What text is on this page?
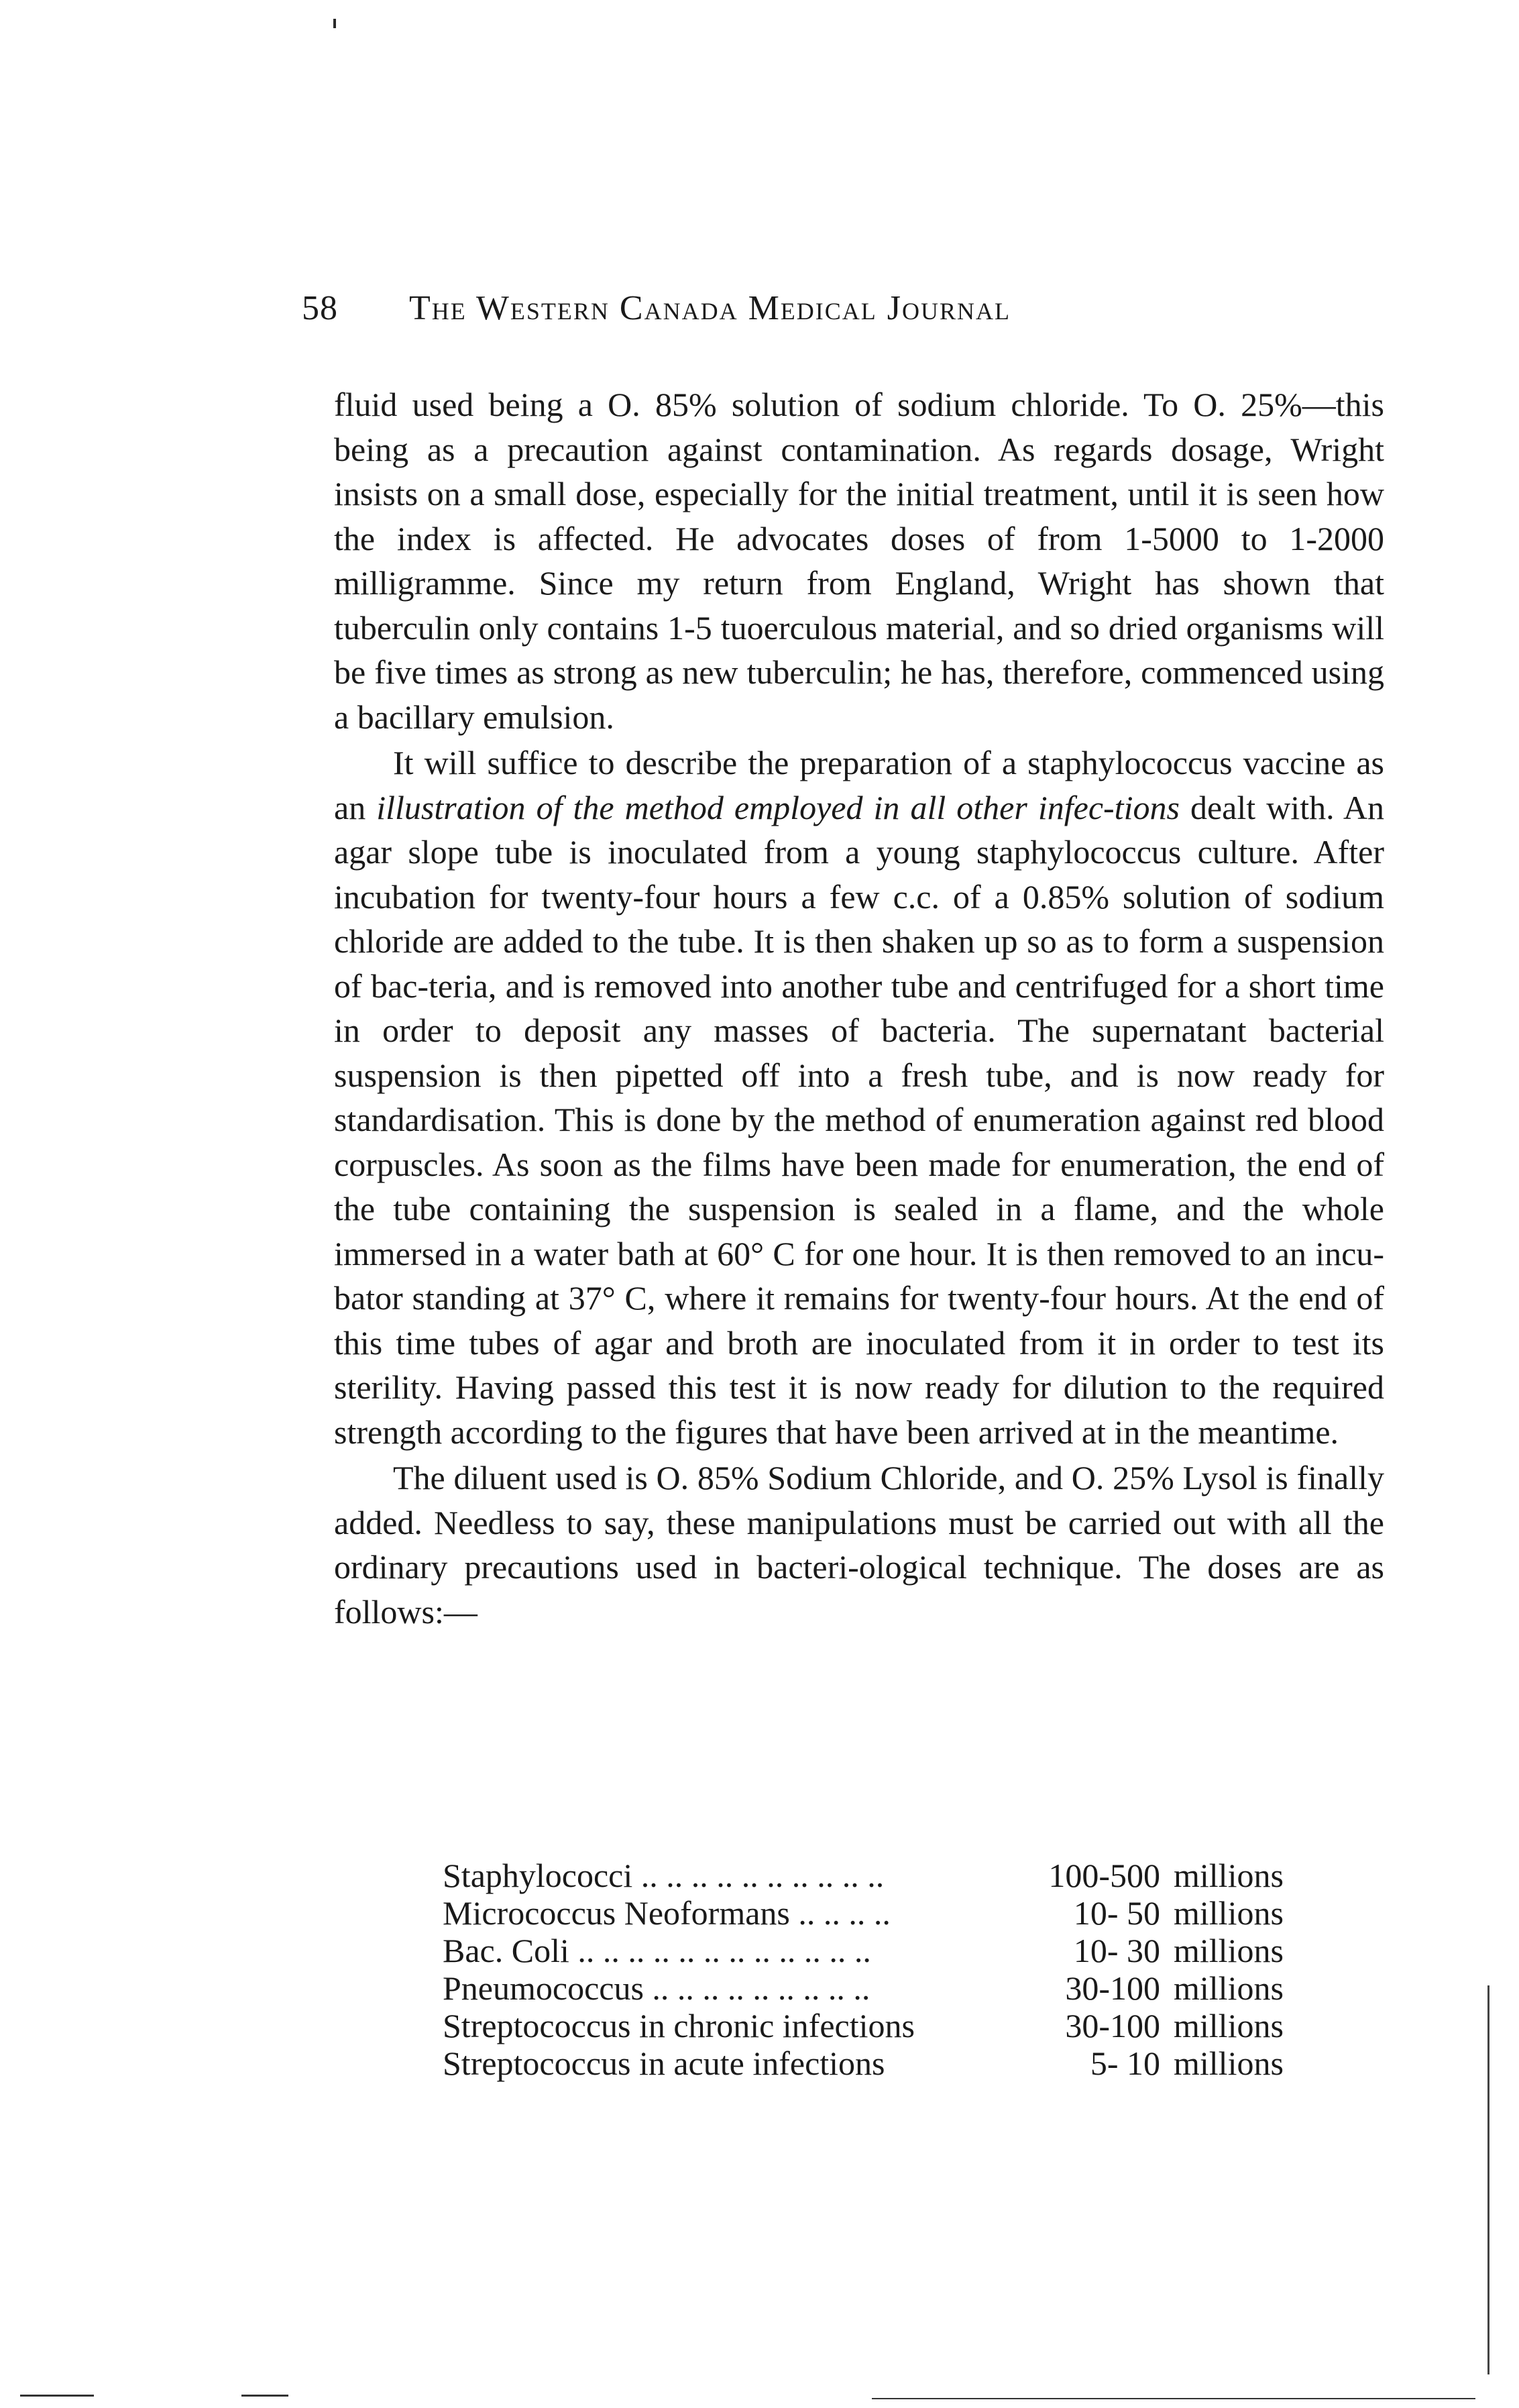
58 The Western Canada Medical Journal

fluid used being a O. 85% solution of sodium chloride. To O. 25%—this being as a precaution against contamination. As regards dosage, Wright insists on a small dose, especially for the initial treatment, until it is seen how the index is affected. He advocates doses of from 1-5000 to 1-2000 milligramme. Since my return from England, Wright has shown that tuberculin only contains 1-5 tuoerculous material, and so dried organisms will be five times as strong as new tuberculin; he has, therefore, commenced using a bacillary emulsion.

It will suffice to describe the preparation of a staphylococcus vaccine as an illustration of the method employed in all other infec-tions dealt with. An agar slope tube is inoculated from a young staphylococcus culture. After incubation for twenty-four hours a few c.c. of a 0.85% solution of sodium chloride are added to the tube. It is then shaken up so as to form a suspension of bac-teria, and is removed into another tube and centrifuged for a short time in order to deposit any masses of bacteria. The supernatant bacterial suspension is then pipetted off into a fresh tube, and is now ready for standardisation. This is done by the method of enumeration against red blood corpuscles. As soon as the films have been made for enumeration, the end of the tube containing the suspension is sealed in a flame, and the whole immersed in a water bath at 60° C for one hour. It is then removed to an incu-bator standing at 37° C, where it remains for twenty-four hours. At the end of this time tubes of agar and broth are inoculated from it in order to test its sterility. Having passed this test it is now ready for dilution to the required strength according to the figures that have been arrived at in the meantime.

The diluent used is O. 85% Sodium Chloride, and O. 25% Lysol is finally added. Needless to say, these manipulations must be carried out with all the ordinary precautions used in bacteri-ological technique. The doses are as follows:—

Staphylococci .. .. .. .. .. .. .. .. .. ..	100-500	millions
Micrococcus Neoformans .. .. .. ..	10- 50	millions
Bac. Coli .. .. .. .. .. .. .. .. .. .. .. ..	10- 30	millions
Pneumococcus .. .. .. .. .. .. .. .. ..	30-100	millions
Streptococcus in chronic infections	30-100	millions
Streptococcus in acute infections	5- 10	millions
